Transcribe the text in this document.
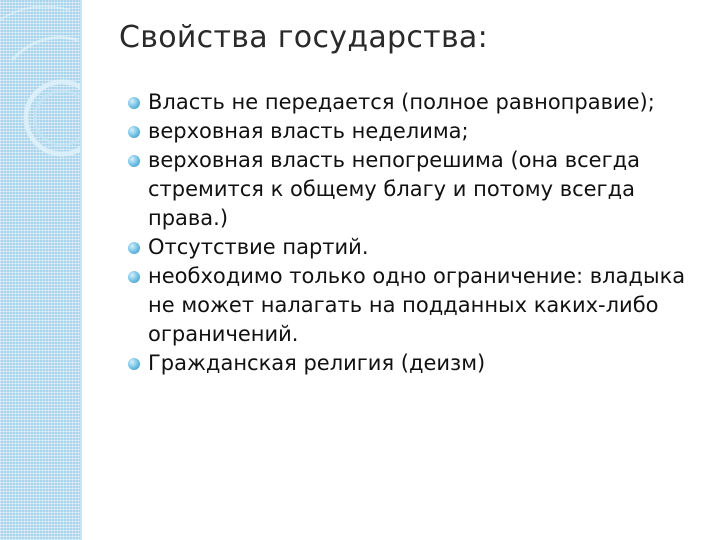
Свойства государства:
Власть не передается (полное равноправие);
верховная власть неделима;
верховная власть непогрешима (она всегда стремится к общему благу и потому всегда права.)
Отсутствие партий.
необходимо только одно ограничение: владыка не может налагать на подданных каких-либо ограничений.
Гражданская религия (деизм)
